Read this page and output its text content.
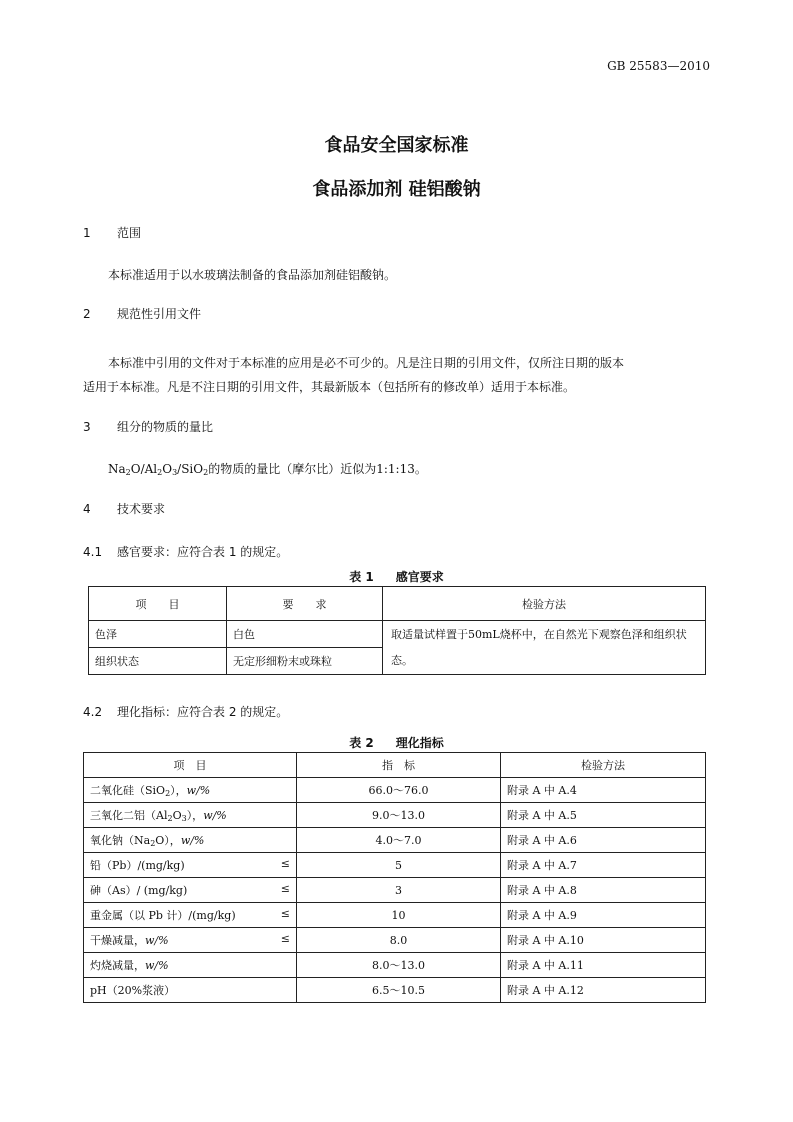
GB 25583—2010
食品安全国家标准
食品添加剂 硅铝酸钠
1 范围
本标准适用于以水玻璃法制备的食品添加剂硅铝酸钠。
2 规范性引用文件
本标准中引用的文件对于本标准的应用是必不可少的。凡是注日期的引用文件，仅所注日期的版本
适用于本标准。凡是不注日期的引用文件，其最新版本（包括所有的修改单）适用于本标准。
3 组分的物质的量比
$Na_2O/Al_2O_3/SiO_2$的物质的量比（摩尔比）近似为1:1:13。
4 技术要求
4.1 感官要求：应符合表 1 的规定。
表 1 感官要求
项　　目	要　　求	检验方法
色泽	白色	取适量试样置于50mL烧杯中，在自然光下观察色泽和组织状态。
组织状态	无定形细粉末或珠粒	
4.2 理化指标：应符合表 2 的规定。
表 2 理化指标
项　目	指　标	检验方法
二氧化硅（SiO$_2$），w/%	66.0～76.0	附录 A 中 A.4
三氧化二铝$(Al_2O_3)$，w/%	9.0～13.0	附录 A 中 A.5
氧化钠$(Na_2O)$，w/%	4.0～7.0	附录 A 中 A.6
铅（Pb）/(mg/kg) ≤	5	附录 A 中 A.7
砷（As）/ (mg/kg) ≤	3	附录 A 中 A.8
重金属（以 Pb 计）/(mg/kg) ≤	10	附录 A 中 A.9
干燥减量，w/% ≤	8.0	附录 A 中 A.10
灼烧减量，w/%	8.0～13.0	附录 A 中 A.11
pH（20%浆液）	6.5～10.5	附录 A 中 A.12
